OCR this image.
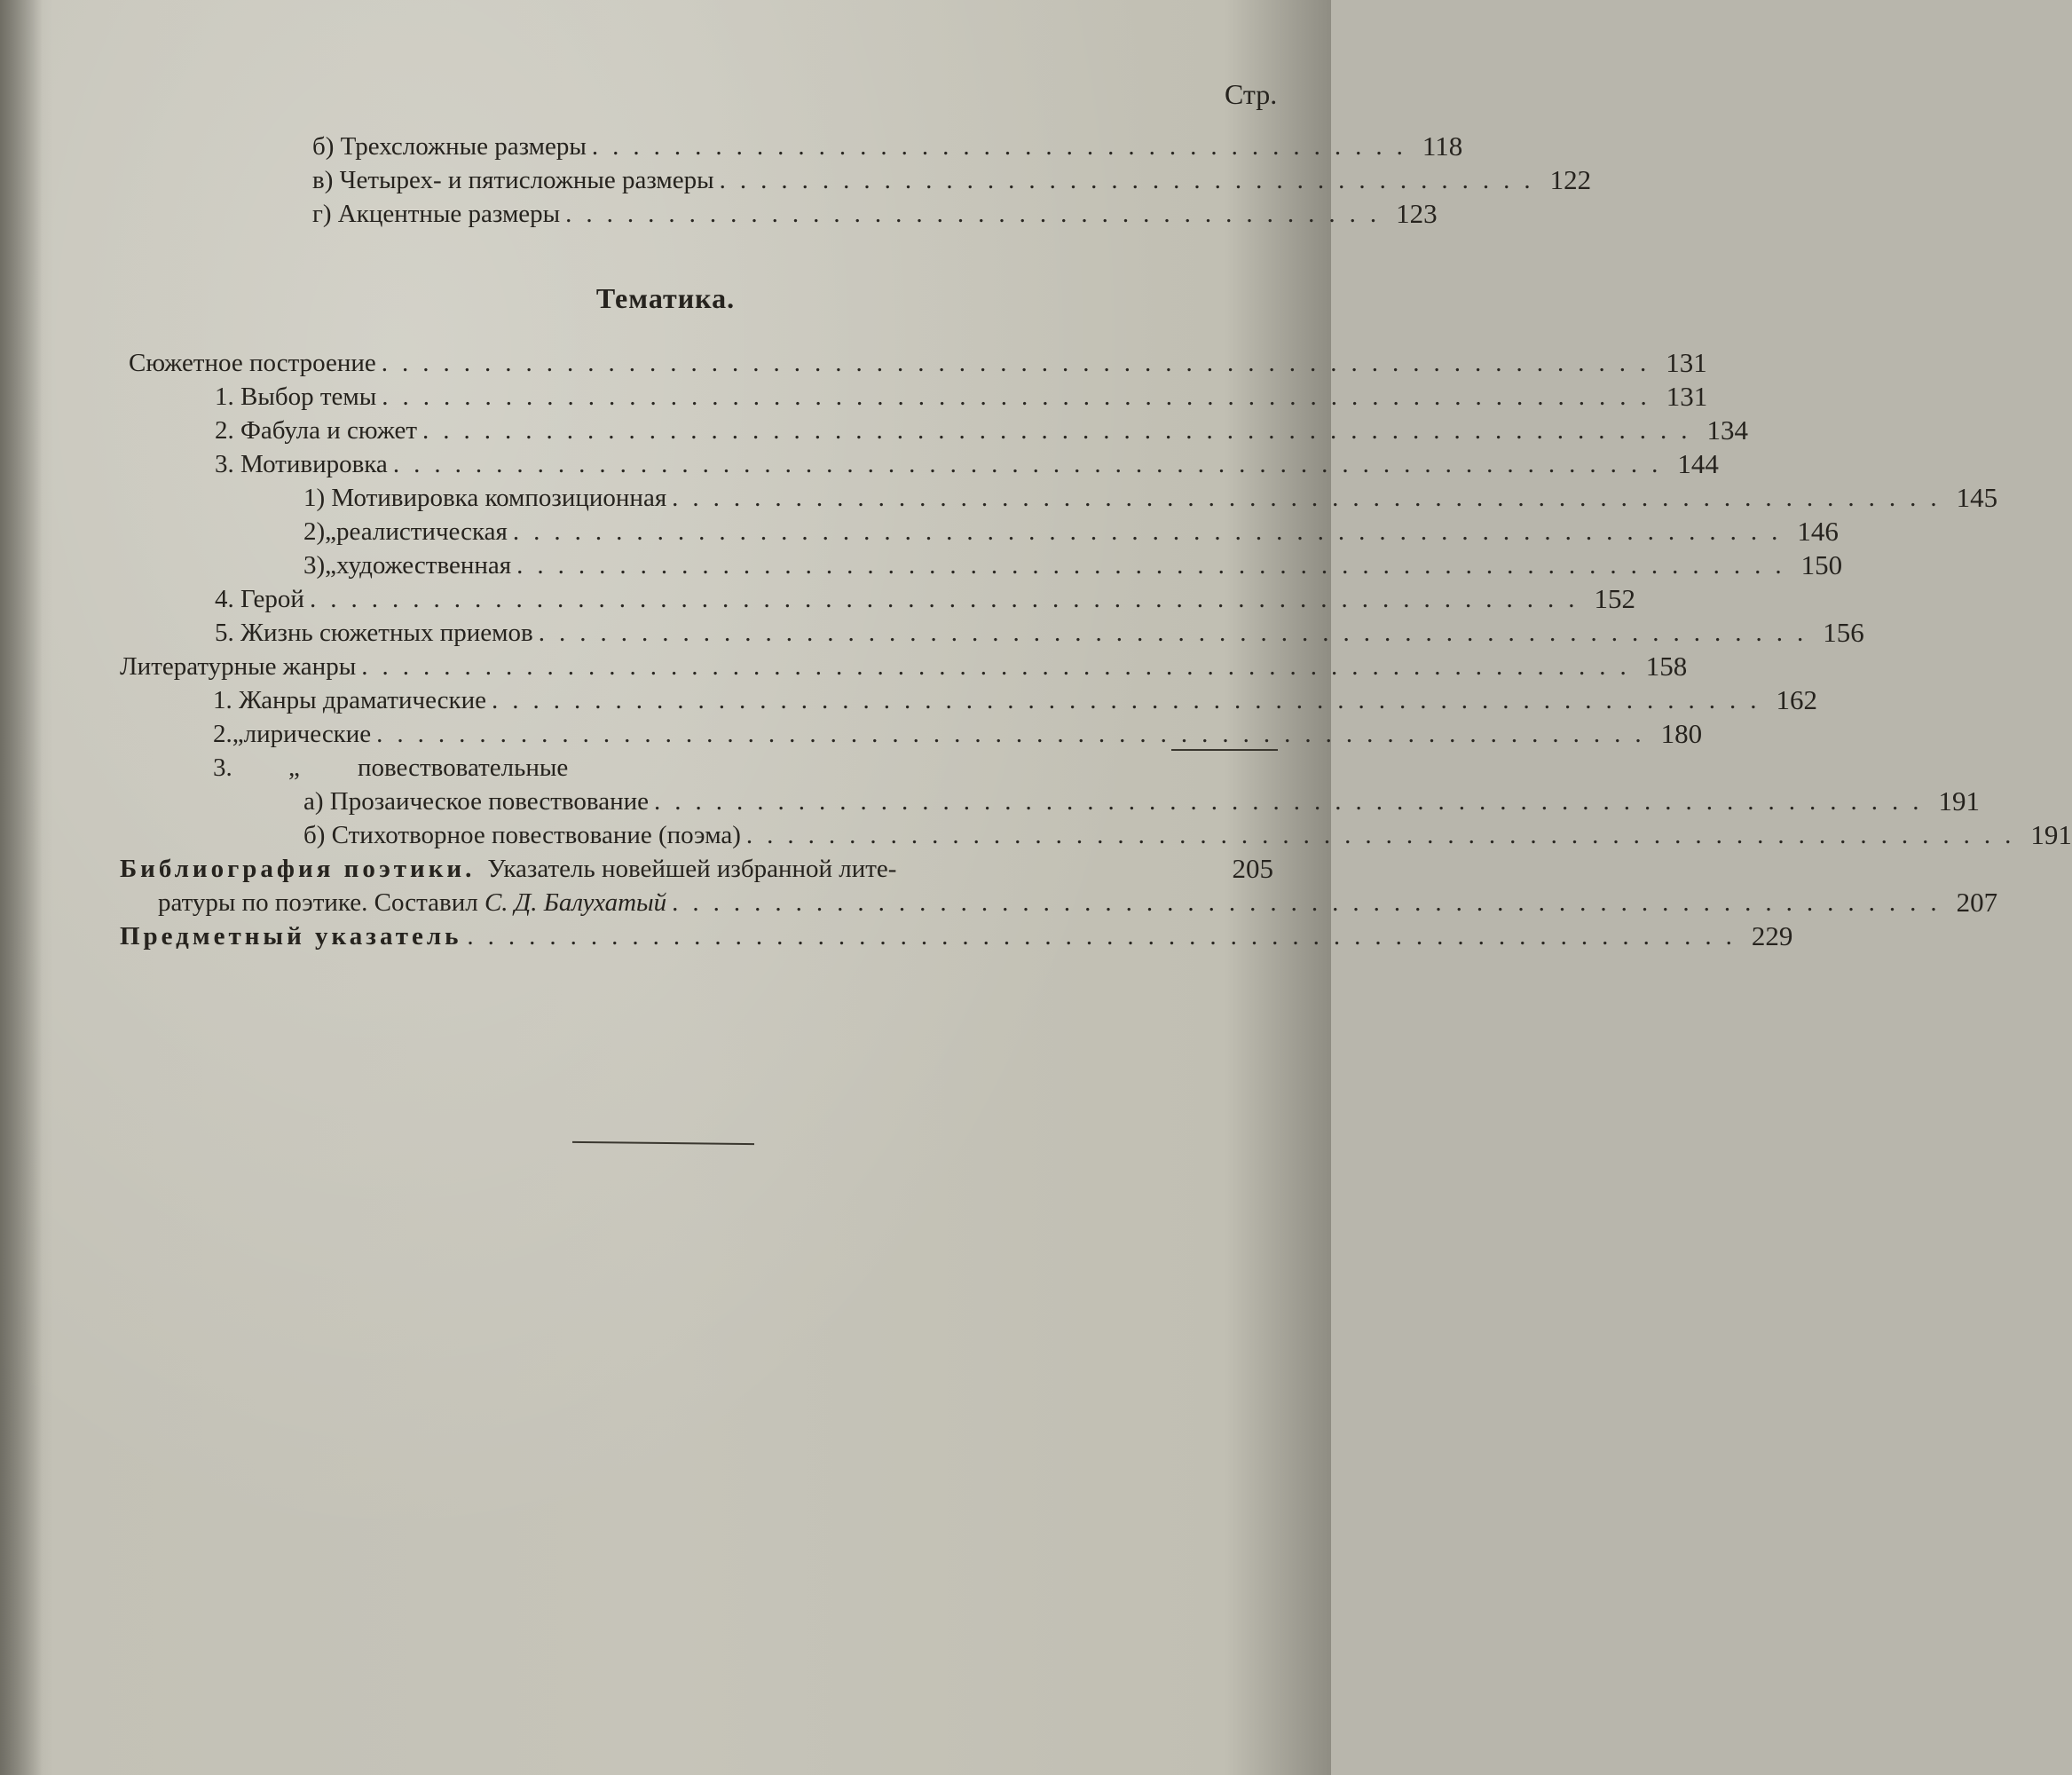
Стр.
б) Трехсложные размеры ........................................ 118
в) Четырех- и пятисложные размеры ........................................ 122
г) Акцентные размеры ........................................ 123
Тематика.
Сюжетное построение .............................................................. 131
1. Выбор темы .............................................................. 131
2. Фабула и сюжет .............................................................. 134
3. Мотивировка .............................................................. 144
1) Мотивировка композиционная .............................................................. 145
2) „ реалистическая .............................................................. 146
3) „ художественная .............................................................. 150
4. Герой .............................................................. 152
5. Жизнь сюжетных приемов .............................................................. 156
Литературные жанры .............................................................. 158
1. Жанры драматические .............................................................. 162
2. „ лирические .............................................................. 180
3.	„	повествовательные
а) Прозаическое повествование .............................................................. 191
б) Стихотворное повествование (поэма) .............................................................. 191
Библиография поэтики. Указатель новейшей избранной лите-	205
ратуры по поэтике. Составил С. Д. Балухатый .............................................................. 207
Предметный указатель .............................................................. 229
